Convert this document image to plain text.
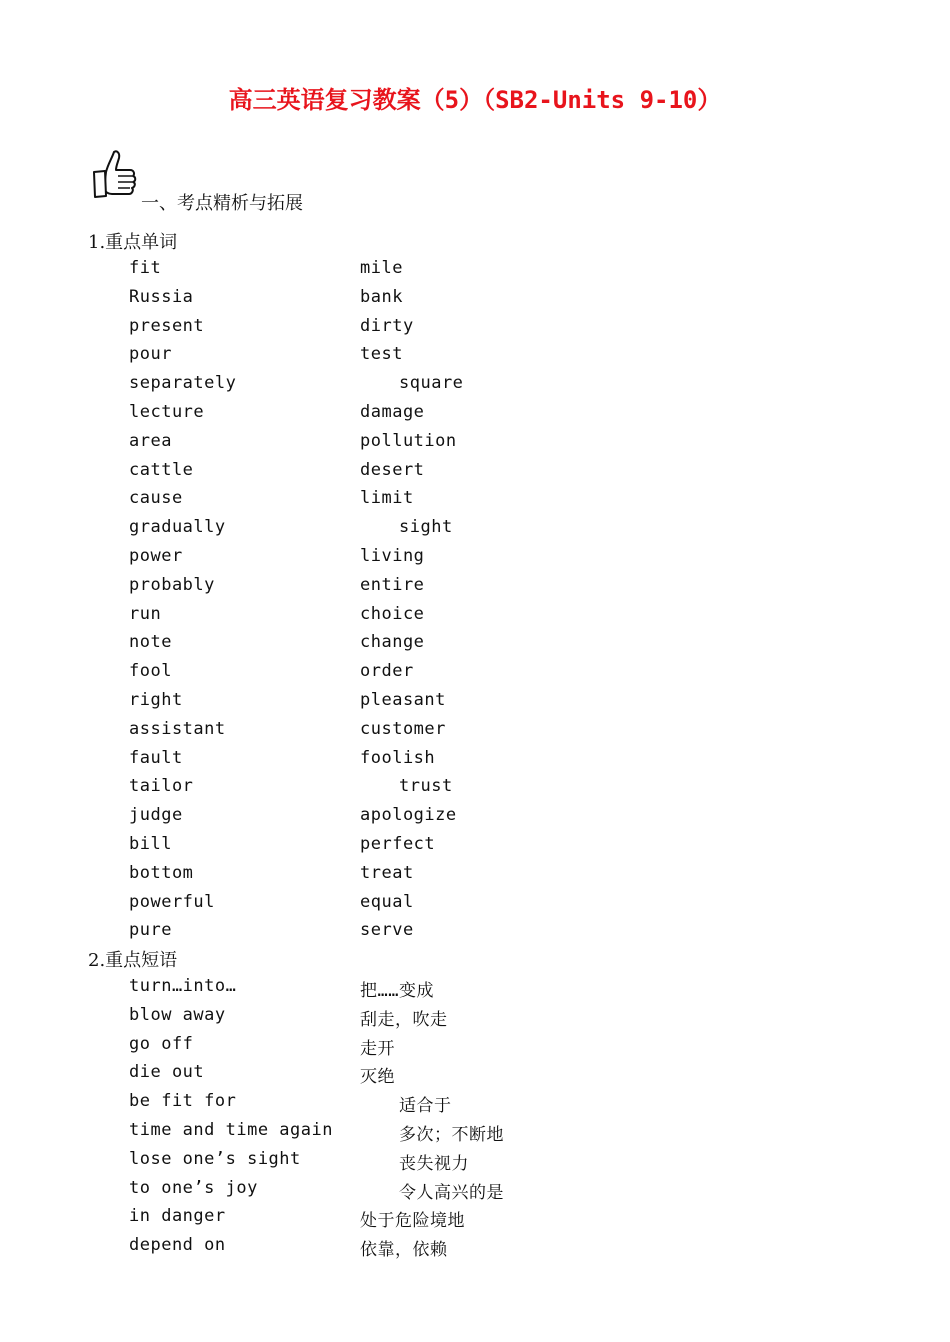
高三英语复习教案（5）（SB2-Units 9-10）
一、考点精析与拓展
1.重点单词
fit	mile
Russia	bank
present	dirty
pour	test
separately	square
lecture	damage
area	pollution
cattle	desert
cause	limit
gradually	sight
power	living
probably	entire
run	choice
note	change
fool	order
right	pleasant
assistant	customer
fault	foolish
tailor	trust
judge	apologize
bill	perfect
bottom	treat
powerful	equal
pure	serve
2.重点短语
turn…into…	把……变成
blow away	刮走，吹走
go off	走开
die out	灭绝
be fit for	适合于
time and time again	多次；不断地
lose one’s sight	丧失视力
to one’s joy	令人高兴的是
in danger	处于危险境地
depend on	依靠，依赖
